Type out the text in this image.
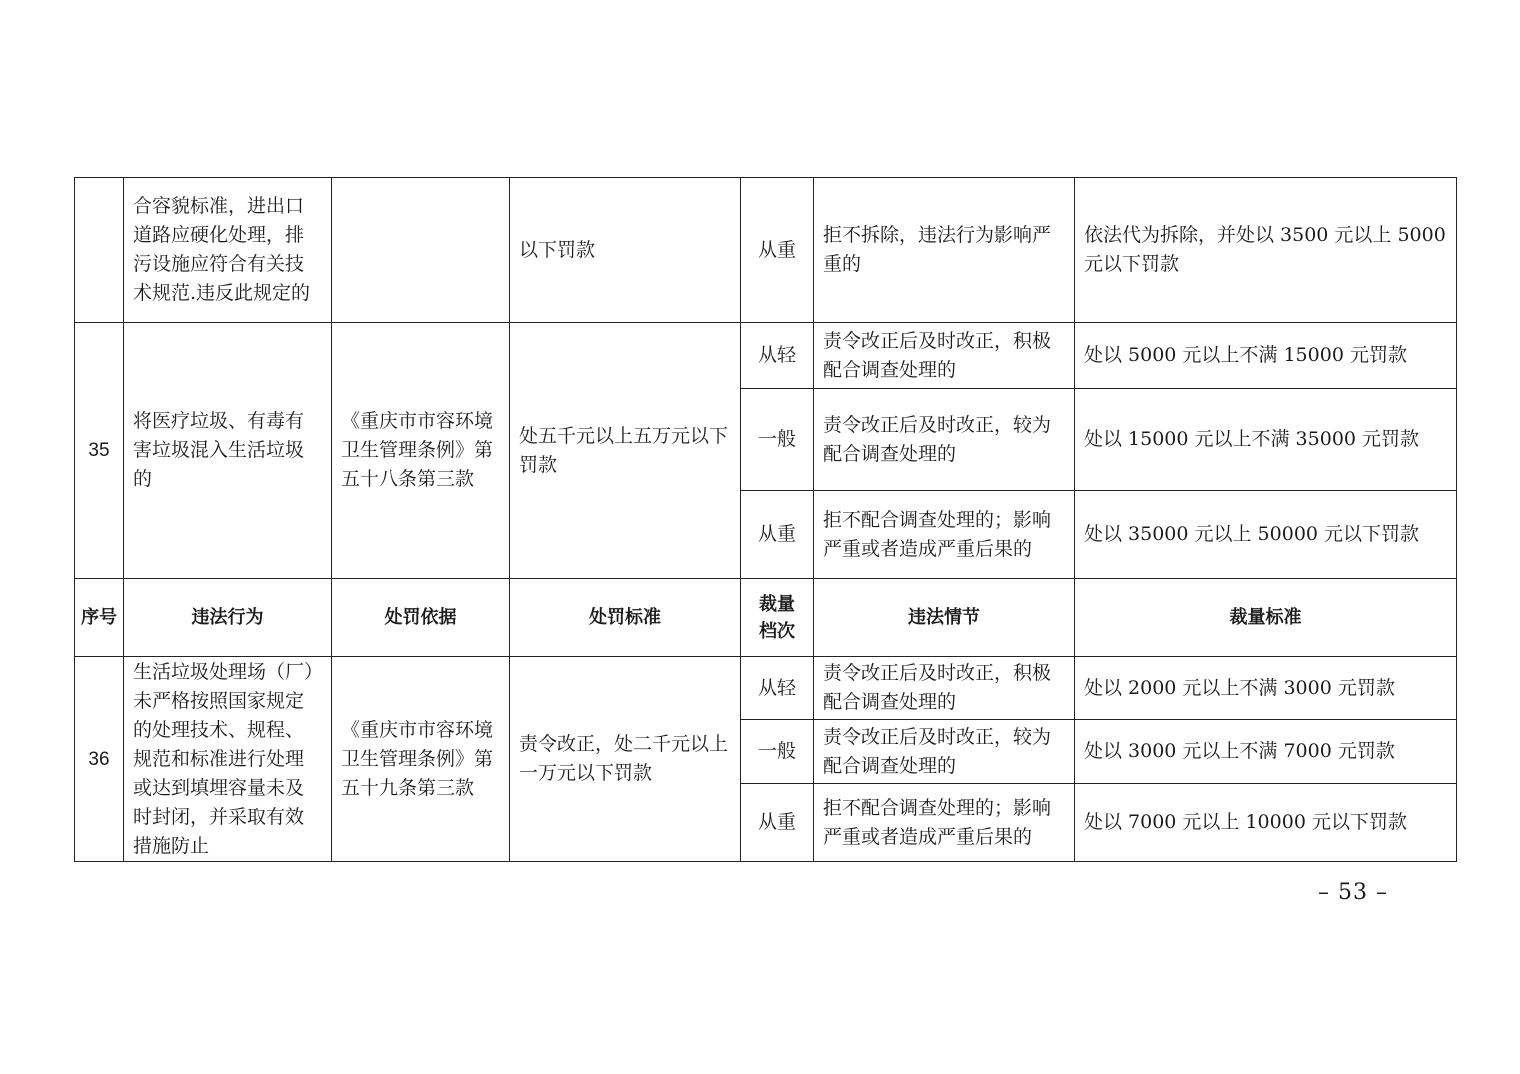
	合容貌标准，进出口道路应硬化处理，排污设施应符合有关技术规范.违反此规定的		以下罚款	从重	拒不拆除，违法行为影响严重的	依法代为拆除，并处以 3500 元以上 5000 元以下罚款
35	将医疗垃圾、有毒有害垃圾混入生活垃圾的	《重庆市市容环境卫生管理条例》第五十八条第三款	处五千元以上五万元以下罚款	从轻	责令改正后及时改正，积极配合调查处理的	处以 5000 元以上不满 15000 元罚款
				一般	责令改正后及时改正，较为配合调查处理的	处以 15000 元以上不满 35000 元罚款
				从重	拒不配合调查处理的；影响严重或者造成严重后果的	处以 35000 元以上 50000 元以下罚款
序号	违法行为	处罚依据	处罚标准	裁量档次	违法情节	裁量标准
36	生活垃圾处理场（厂）未严格按照国家规定的处理技术、规程、规范和标准进行处理或达到填埋容量未及时封闭，并采取有效措施防止	《重庆市市容环境卫生管理条例》第五十九条第三款	责令改正，处二千元以上一万元以下罚款	从轻	责令改正后及时改正，积极配合调查处理的	处以 2000 元以上不满 3000 元罚款
				一般	责令改正后及时改正，较为配合调查处理的	处以 3000 元以上不满 7000 元罚款
				从重	拒不配合调查处理的；影响严重或者造成严重后果的	处以 7000 元以上 10000 元以下罚款
– 53 –
